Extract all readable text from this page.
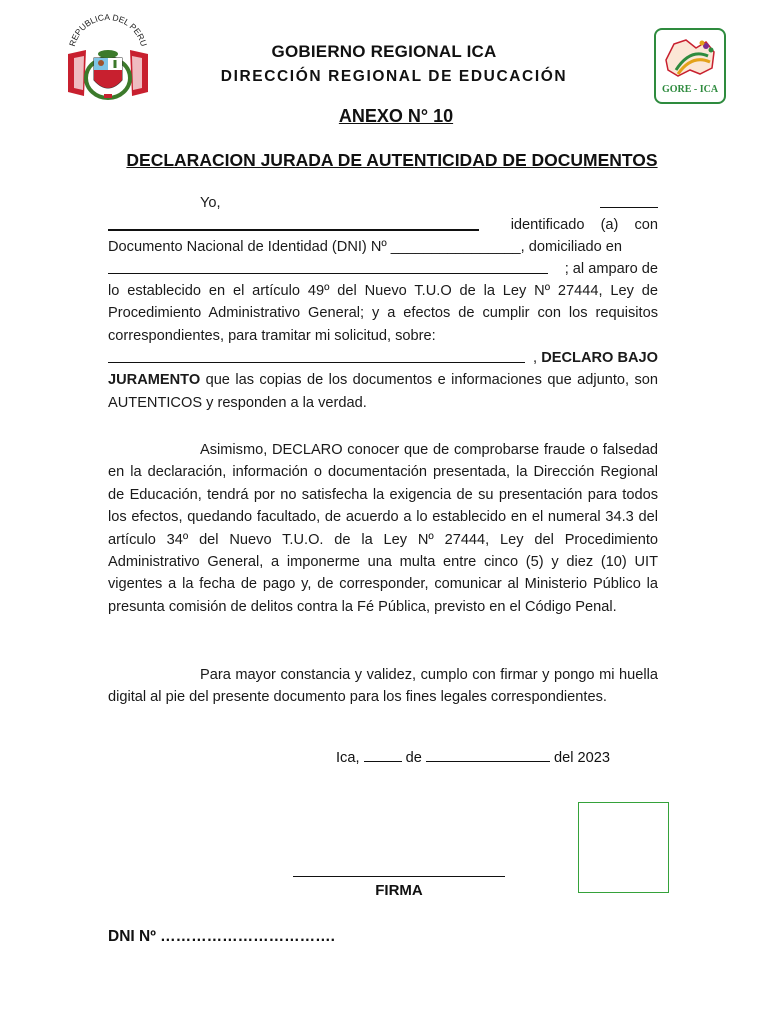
REPUBLICA DEL PERU
GORE - ICA
GOBIERNO REGIONAL ICA
DIRECCIÓN REGIONAL DE EDUCACIÓN
ANEXO N° 10
DECLARACION JURADA DE AUTENTICIDAD DE DOCUMENTOS
Yo,
identificado (a) con
Documento Nacional de Identidad (DNI) Nº ________________, domiciliado en
; al amparo de

lo establecido en el artículo 49º del Nuevo T.U.O de la Ley Nº 27444, Ley de Procedimiento Administrativo General; y a efectos de cumplir con los requisitos correspondientes, para tramitar mi solicitud, sobre:

, DECLARO BAJO

JURAMENTO que las copias de los documentos e informaciones que adjunto, son AUTENTICOS y responden a la verdad.

Asimismo, DECLARO conocer que de comprobarse fraude o falsedad en la declaración, información o documentación presentada, la Dirección Regional de Educación, tendrá por no satisfecha la exigencia de su presentación para todos los efectos, quedando facultado, de acuerdo a lo establecido en el numeral 34.3 del artículo 34º del Nuevo T.U.O. de la Ley Nº 27444, Ley del Procedimiento Administrativo General, a imponerme una multa entre cinco (5) y diez (10) UIT vigentes a la fecha de pago y, de corresponder, comunicar al Ministerio Público la presunta comisión de delitos contra la Fé Pública, previsto en el Código Penal.

Para mayor constancia y validez, cumplo con firmar y pongo mi huella digital al pie del presente documento para los fines legales correspondientes.

Ica,	de	del 2023
FIRMA
DNI Nº …………………………….
